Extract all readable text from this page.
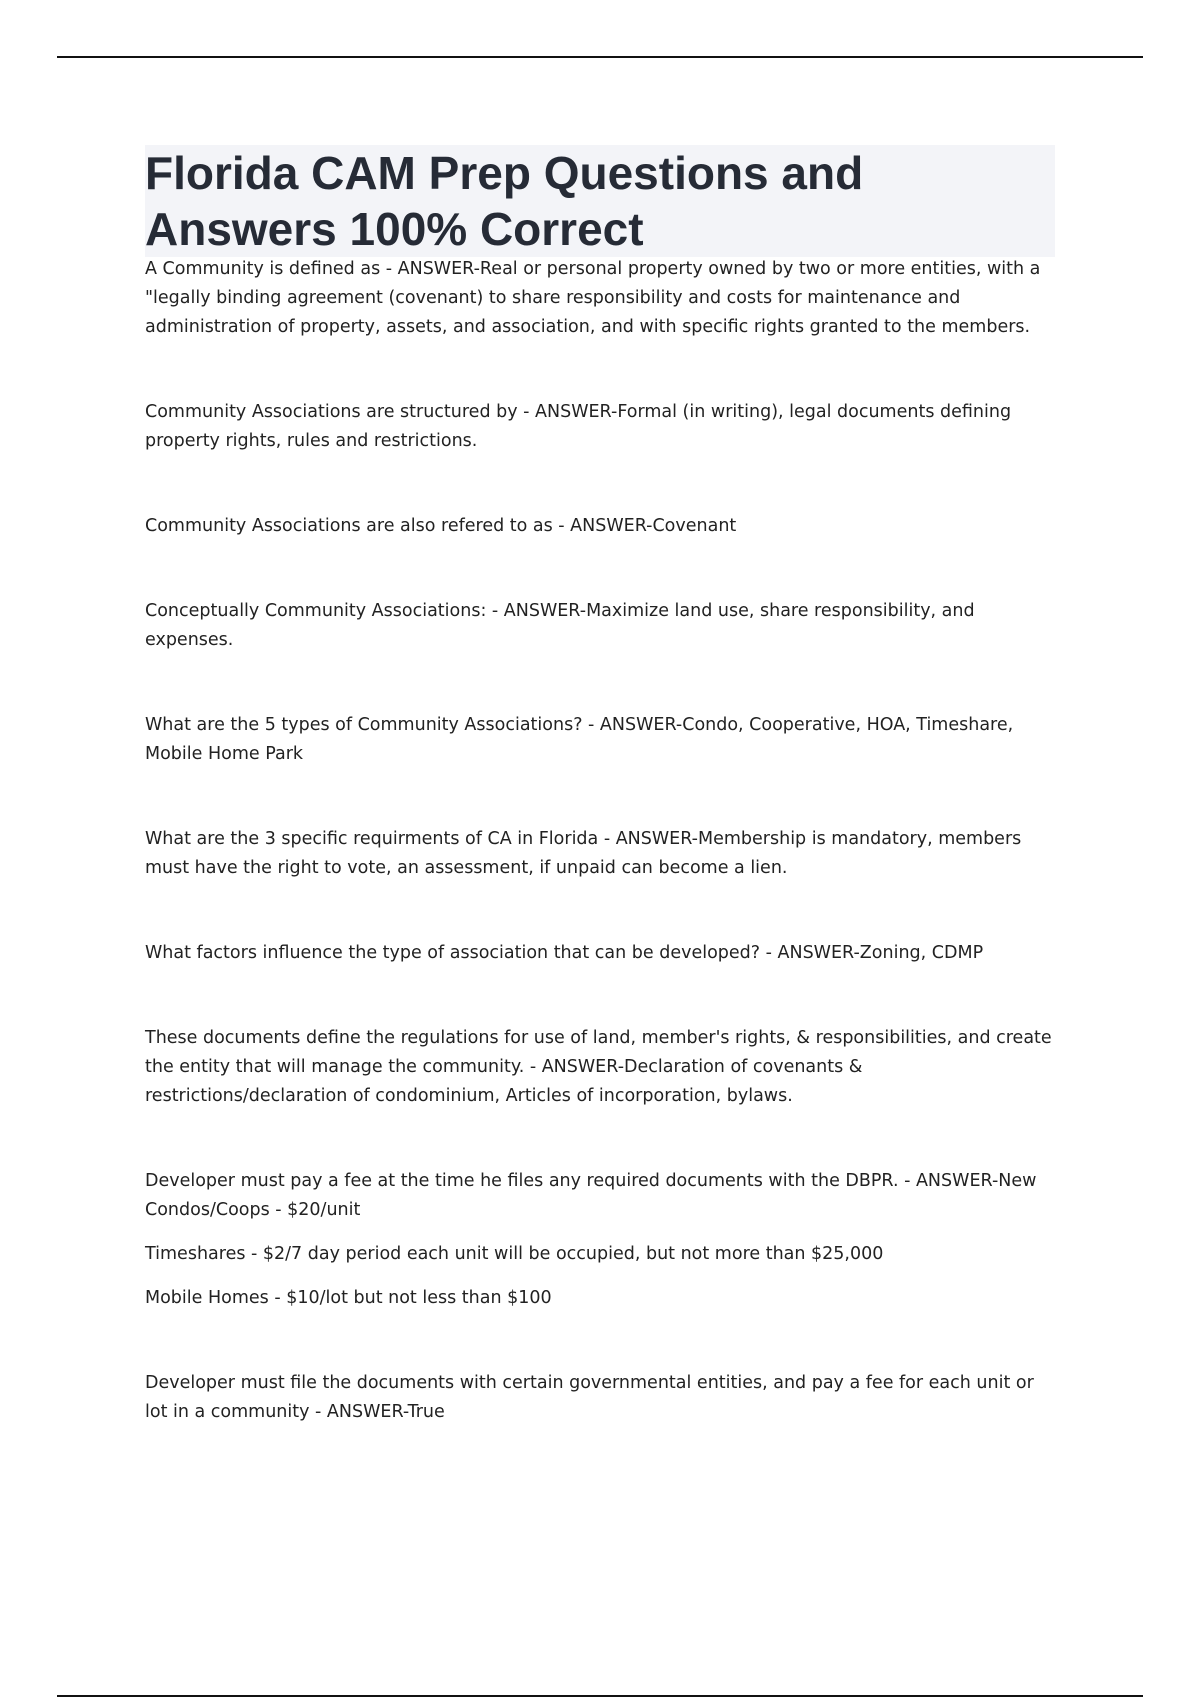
Florida CAM Prep Questions and
Answers 100% Correct

A Community is defined as - ANSWER-Real or personal property owned by two or more entities, with a "legally binding agreement (covenant) to share responsibility and costs for maintenance and administration of property, assets, and association, and with specific rights granted to the members.

Community Associations are structured by - ANSWER-Formal (in writing), legal documents defining property rights, rules and restrictions.

Community Associations are also refered to as - ANSWER-Covenant

Conceptually Community Associations: - ANSWER-Maximize land use, share responsibility, and expenses.

What are the 5 types of Community Associations? - ANSWER-Condo, Cooperative, HOA, Timeshare, Mobile Home Park

What are the 3 specific requirments of CA in Florida - ANSWER-Membership is mandatory, members must have the right to vote, an assessment, if unpaid can become a lien.

What factors influence the type of association that can be developed? - ANSWER-Zoning, CDMP

These documents define the regulations for use of land, member's rights, & responsibilities, and create the entity that will manage the community. - ANSWER-Declaration of covenants & restrictions/declaration of condominium, Articles of incorporation, bylaws.

Developer must pay a fee at the time he files any required documents with the DBPR. - ANSWER-New Condos/Coops - $20/unit

Timeshares - $2/7 day period each unit will be occupied, but not more than $25,000

Mobile Homes - $10/lot but not less than $100

Developer must file the documents with certain governmental entities, and pay a fee for each unit or lot in a community - ANSWER-True
